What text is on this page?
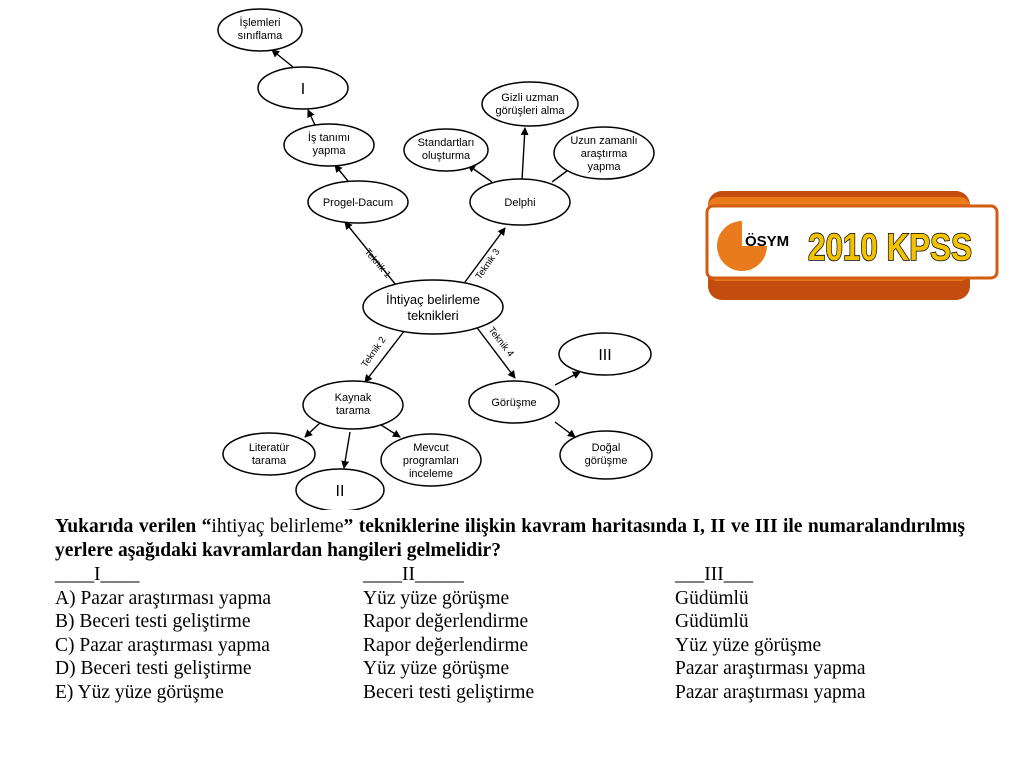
Teknik 1	Teknik 3
Teknik 2	Teknik 4
İhtiyaç belirleme
teknikleri
Progel-Dacum
İş tanımı
yapma
I
İşlemleri
sınıflama
Delphi
Standartları
oluşturma
Gizli uzman
görüşleri alma
Uzun zamanlı
araştırma
yapma
Kaynak
tarama
Literatür
tarama
II
Mevcut
programları
inceleme
Görüşme
III
Doğal
görüşme
ÖSYM 2010 KPSS
Yukarıda verilen “ihtiyaç belirleme” tekniklerine ilişkin kavram haritasında I, II ve III ile numaralandırılmış yerlere aşağıdaki kavramlardan hangileri gelmelidir?
____I____	____II_____	___III___
A) Pazar araştırması yapma	Yüz yüze görüşme	Güdümlü
B) Beceri testi geliştirme	Rapor değerlendirme	Güdümlü
C) Pazar araştırması yapma	Rapor değerlendirme	Yüz yüze görüşme
D) Beceri testi geliştirme	Yüz yüze görüşme	Pazar araştırması yapma
E) Yüz yüze görüşme	Beceri testi geliştirme	Pazar araştırması yapma
